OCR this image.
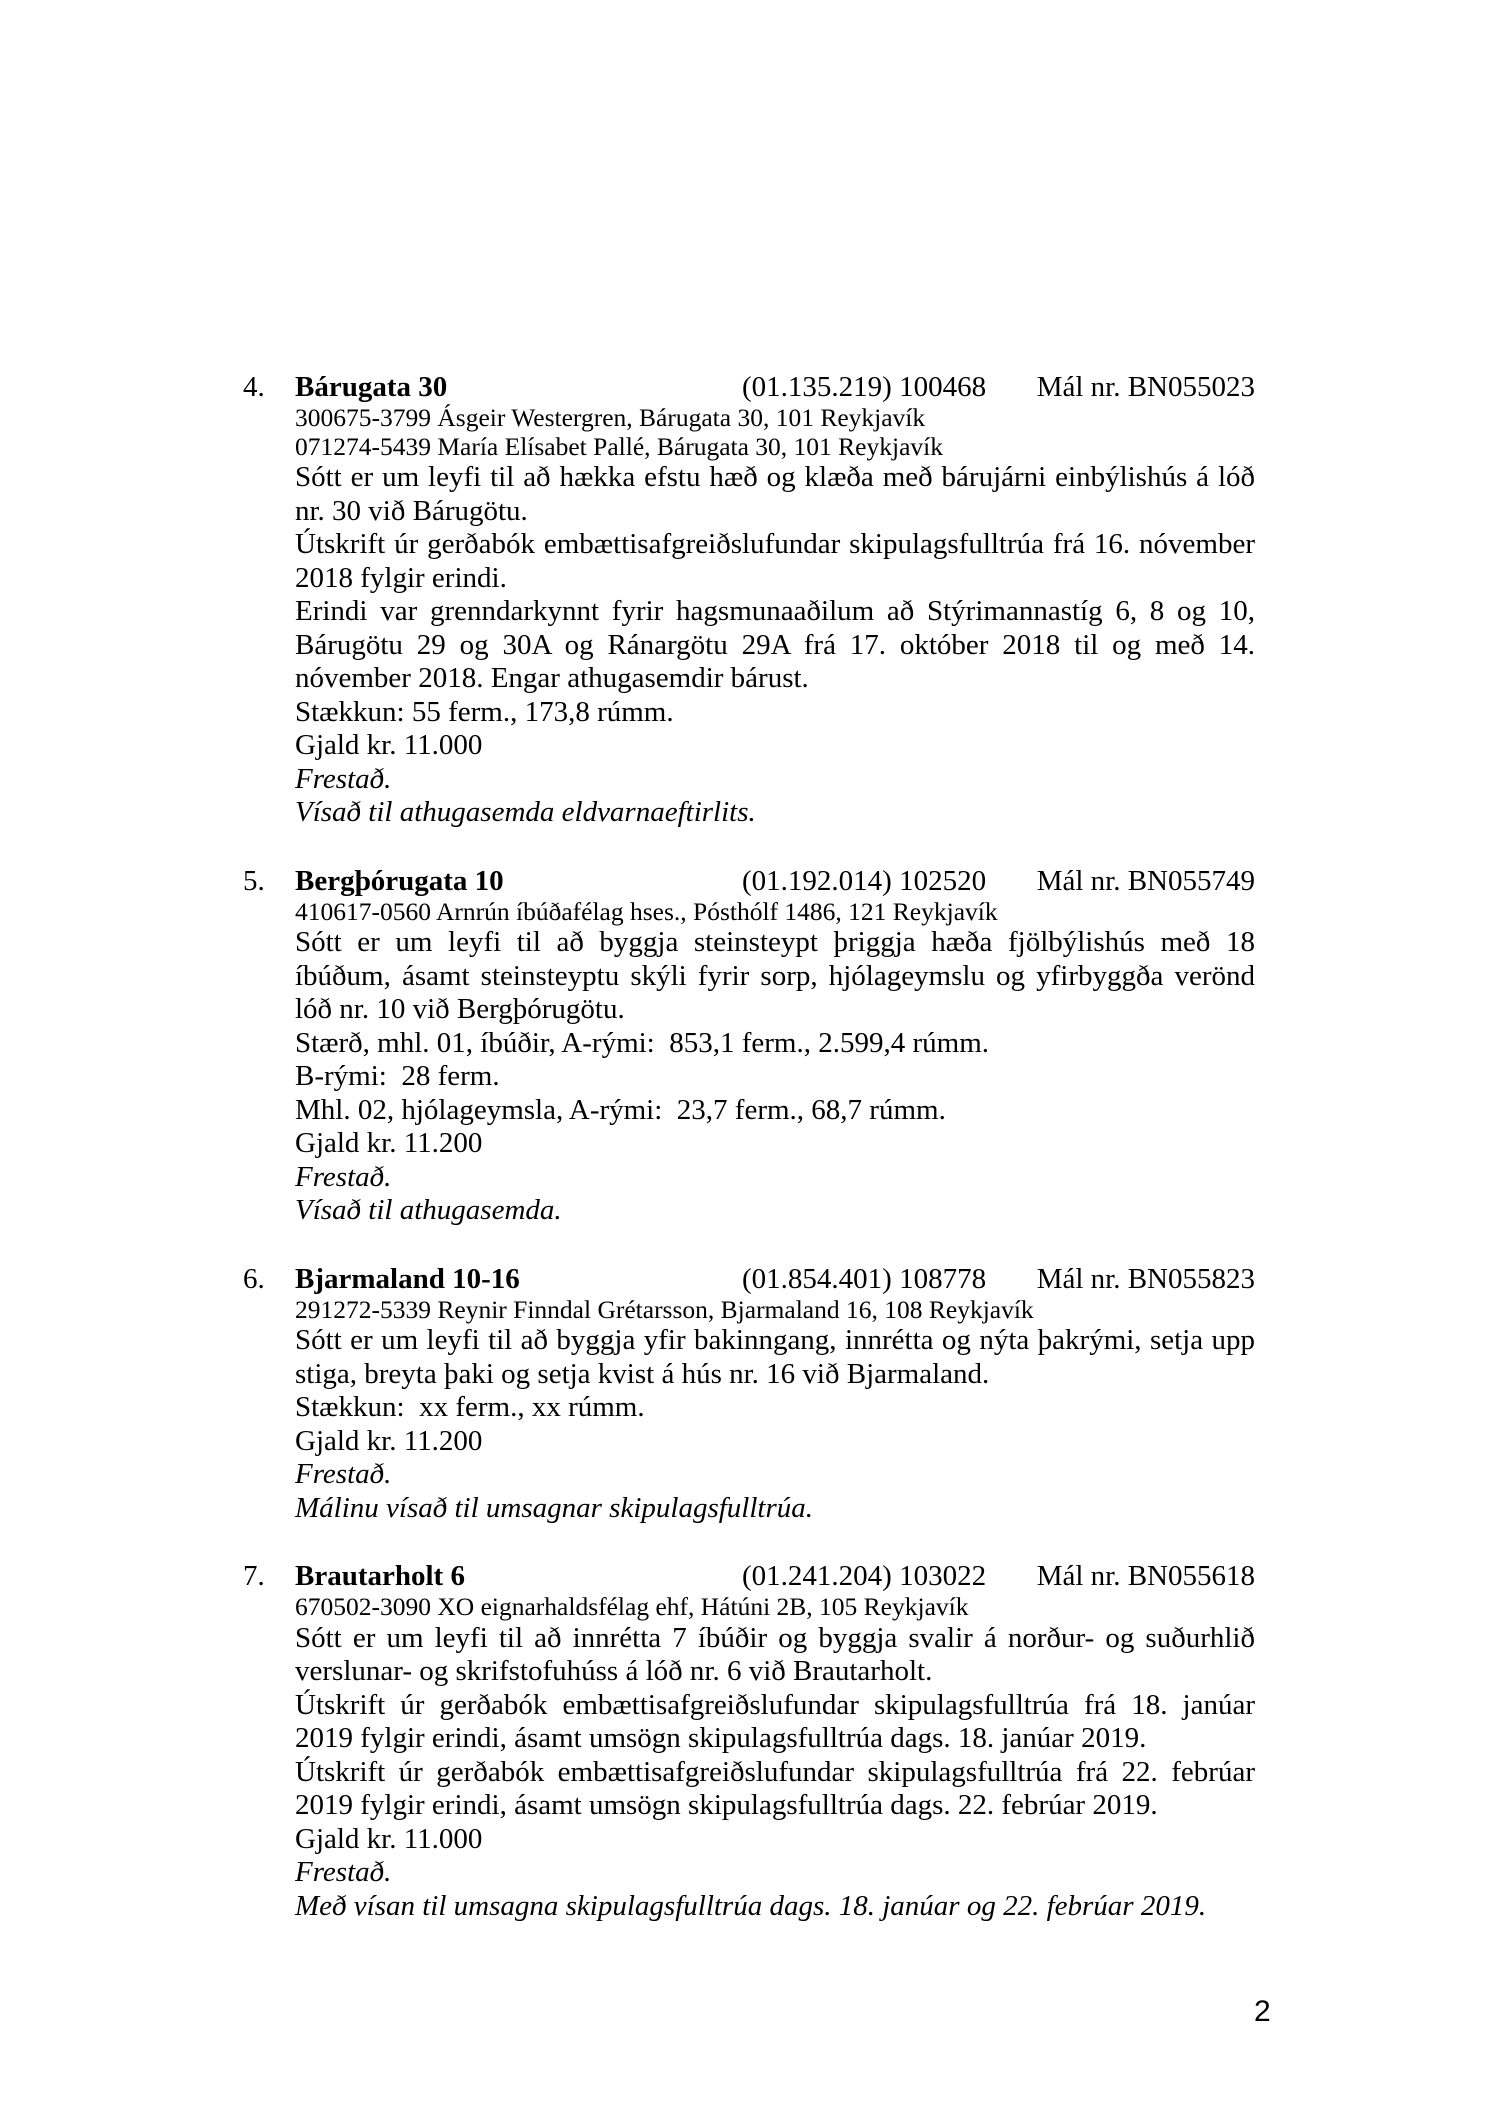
4.	Bárugata 30	(01.135.219) 100468	Mál nr. BN055023
300675-3799 Ásgeir Westergren, Bárugata 30, 101 Reykjavík
071274-5439 María Elísabet Pallé, Bárugata 30, 101 Reykjavík

Sótt er um leyfi til að hækka efstu hæð og klæða með bárujárni einbýlishús á lóð nr. 30 við Bárugötu.

Útskrift úr gerðabók embættisafgreiðslufundar skipulagsfulltrúa frá 16. nóvember 2018 fylgir erindi.

Erindi var grenndarkynnt fyrir hagsmunaaðilum að Stýrimannastíg 6, 8 og 10, Bárugötu 29 og 30A og Ránargötu 29A frá 17. október 2018 til og með 14. nóvember 2018. Engar athugasemdir bárust.

Stækkun: 55 ferm., 173,8 rúmm.

Gjald kr. 11.000

Frestað.

Vísað til athugasemda eldvarnaeftirlits.

5.	Bergþórugata 10	(01.192.014) 102520	Mál nr. BN055749
410617-0560 Arnrún íbúðafélag hses., Pósthólf 1486, 121 Reykjavík

Sótt er um leyfi til að byggja steinsteypt þriggja hæða fjölbýlishús með 18 íbúðum, ásamt steinsteyptu skýli fyrir sorp, hjólageymslu og yfirbyggða verönd lóð nr. 10 við Bergþórugötu.

Stærð, mhl. 01, íbúðir, A-rými:  853,1 ferm., 2.599,4 rúmm.

B-rými:  28 ferm.

Mhl. 02, hjólageymsla, A-rými:  23,7 ferm., 68,7 rúmm.

Gjald kr. 11.200

Frestað.

Vísað til athugasemda.

6.	Bjarmaland 10-16	(01.854.401) 108778	Mál nr. BN055823
291272-5339 Reynir Finndal Grétarsson, Bjarmaland 16, 108 Reykjavík

Sótt er um leyfi til að byggja yfir bakinngang, innrétta og nýta þakrými, setja upp stiga, breyta þaki og setja kvist á hús nr. 16 við Bjarmaland.

Stækkun:  xx ferm., xx rúmm.

Gjald kr. 11.200

Frestað.

Málinu vísað til umsagnar skipulagsfulltrúa.

7.	Brautarholt 6	(01.241.204) 103022	Mál nr. BN055618
670502-3090 XO eignarhaldsfélag ehf, Hátúni 2B, 105 Reykjavík

Sótt er um leyfi til að innrétta 7 íbúðir og byggja svalir á norður- og suðurhlið verslunar- og skrifstofuhúss á lóð nr. 6 við Brautarholt.

Útskrift úr gerðabók embættisafgreiðslufundar skipulagsfulltrúa frá 18. janúar 2019 fylgir erindi, ásamt umsögn skipulagsfulltrúa dags. 18. janúar 2019.

Útskrift úr gerðabók embættisafgreiðslufundar skipulagsfulltrúa frá 22. febrúar 2019 fylgir erindi, ásamt umsögn skipulagsfulltrúa dags. 22. febrúar 2019.

Gjald kr. 11.000

Frestað.

Með vísan til umsagna skipulagsfulltrúa dags. 18. janúar og 22. febrúar 2019.

2
